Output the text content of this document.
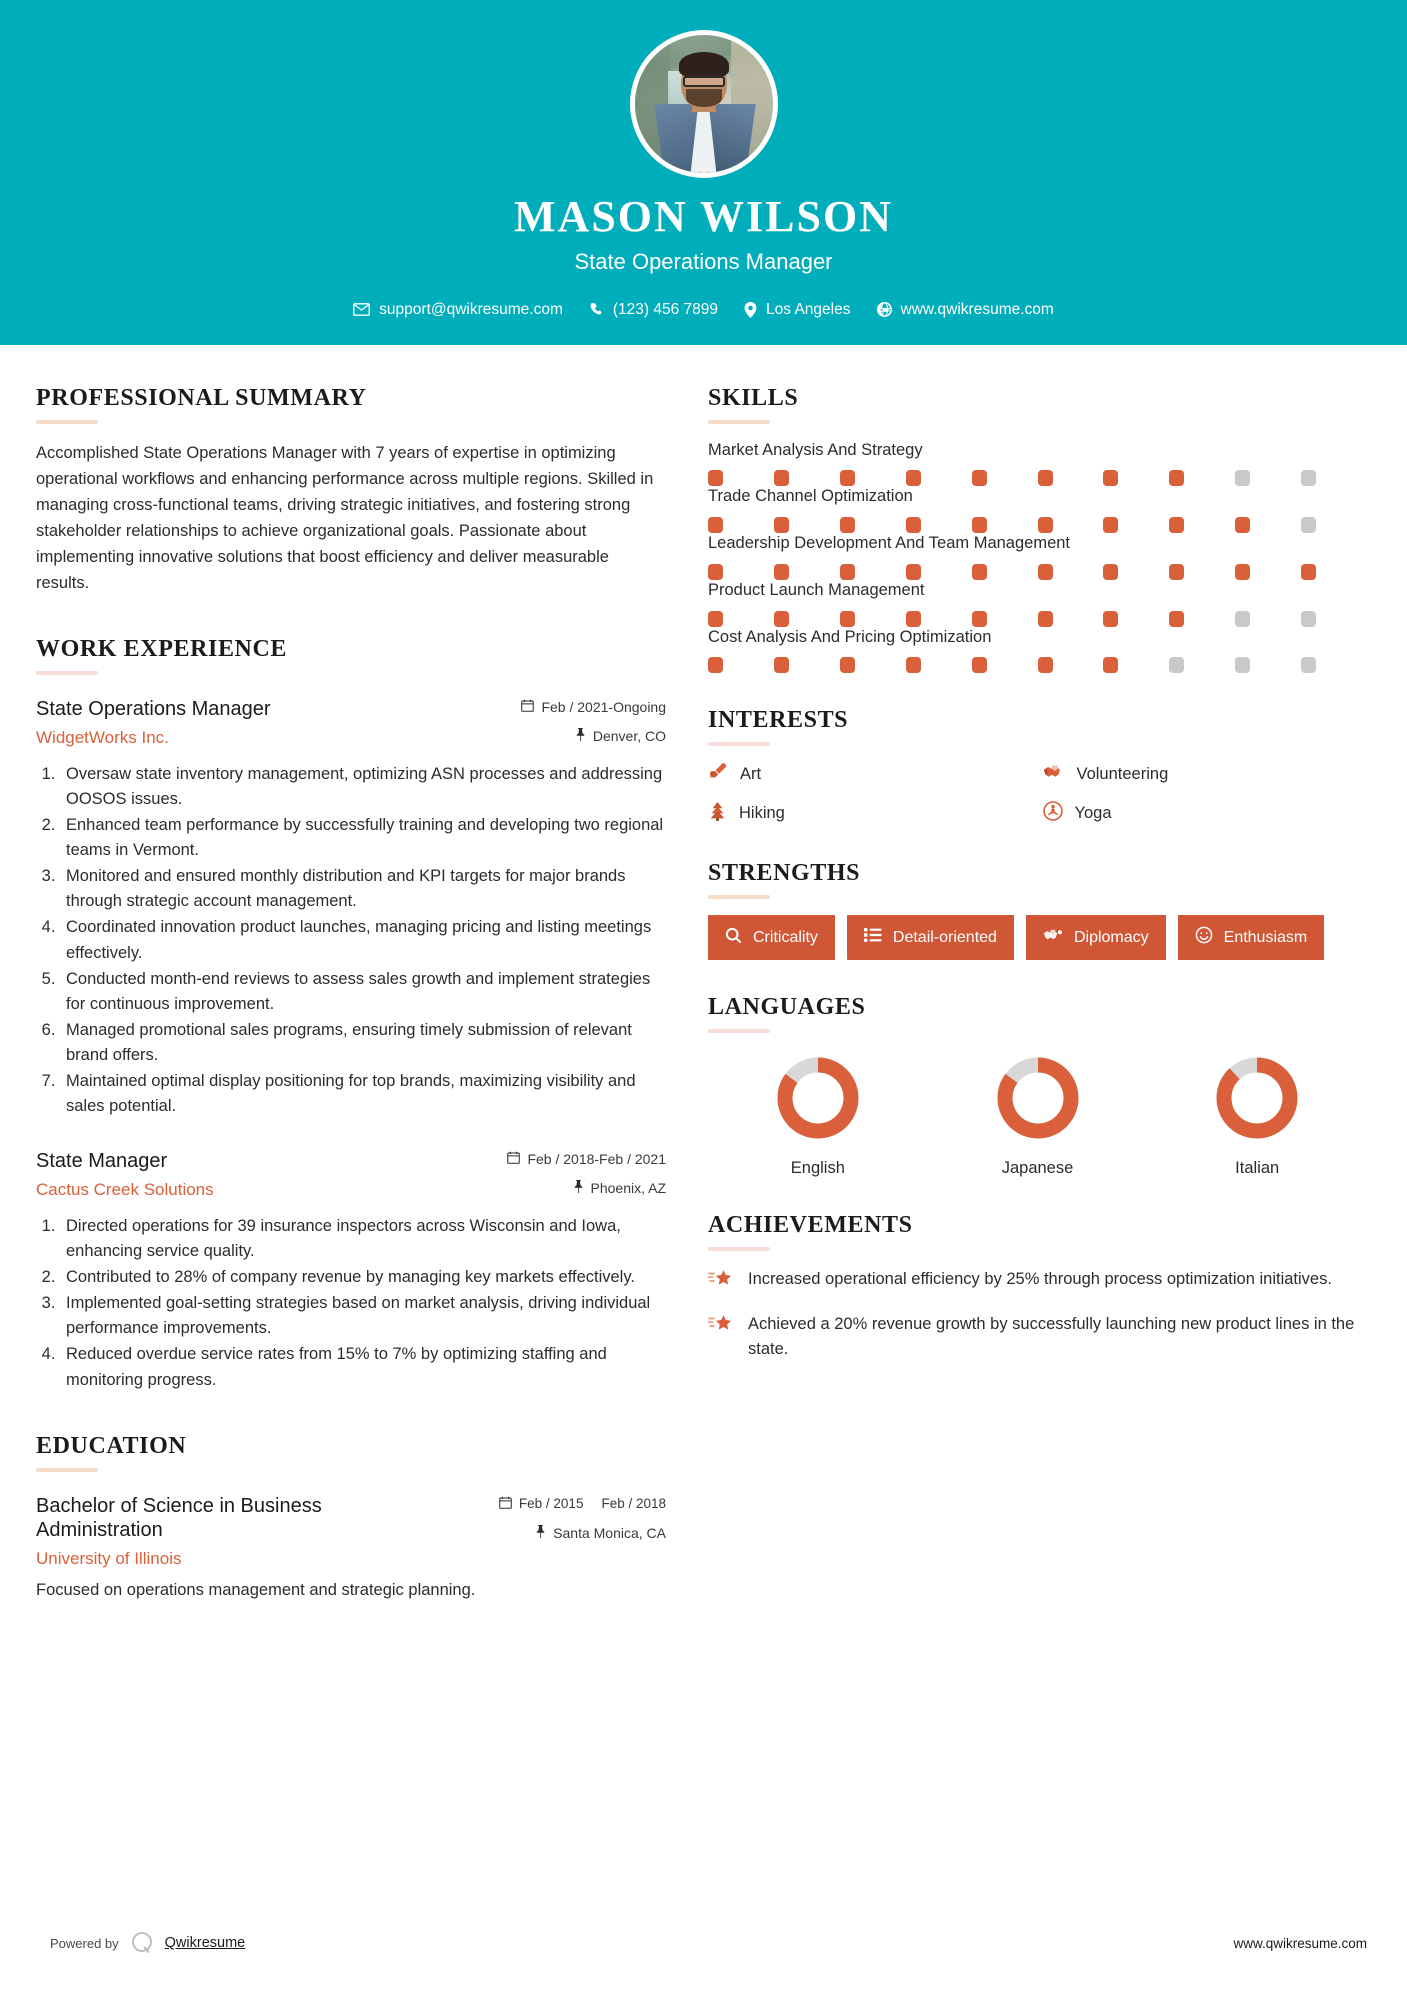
MASON WILSON
State Operations Manager
support@qwikresume.com	(123) 456 7899	Los Angeles	www.qwikresume.com
PROFESSIONAL SUMMARY

Accomplished State Operations Manager with 7 years of expertise in optimizing operational workflows and enhancing performance across multiple regions. Skilled in managing cross-functional teams, driving strategic initiatives, and fostering strong stakeholder relationships to achieve organizational goals. Passionate about implementing innovative solutions that boost efficiency and deliver measurable results.

WORK EXPERIENCE
State Operations Manager
WidgetWorks Inc.
Feb / 2021-Ongoing
Denver, CO
1. Oversaw state inventory management, optimizing ASN processes and addressing OOSOS issues.
2. Enhanced team performance by successfully training and developing two regional teams in Vermont.
3. Monitored and ensured monthly distribution and KPI targets for major brands through strategic account management.
4. Coordinated innovation product launches, managing pricing and listing meetings effectively.
5. Conducted month-end reviews to assess sales growth and implement strategies for continuous improvement.
6. Managed promotional sales programs, ensuring timely submission of relevant brand offers.
7. Maintained optimal display positioning for top brands, maximizing visibility and sales potential.
State Manager
Cactus Creek Solutions
Feb / 2018-Feb / 2021
Phoenix, AZ
1. Directed operations for 39 insurance inspectors across Wisconsin and Iowa, enhancing service quality.
2. Contributed to 28% of company revenue by managing key markets effectively.
3. Implemented goal-setting strategies based on market analysis, driving individual performance improvements.
4. Reduced overdue service rates from 15% to 7% by optimizing staffing and monitoring progress.
EDUCATION
Bachelor of Science in Business Administration
University of Illinois
Feb / 2015 Feb / 2018
Santa Monica, CA
Focused on operations management and strategic planning.
SKILLS
Market Analysis And Strategy
Trade Channel Optimization
Leadership Development And Team Management
Product Launch Management
Cost Analysis And Pricing Optimization
INTERESTS
Art	Volunteering
Hiking	Yoga
STRENGTHS
Criticality	Detail-oriented	Diplomacy	Enthusiasm
LANGUAGES
English	Japanese	Italian
ACHIEVEMENTS
Increased operational efficiency by 25% through process optimization initiatives.
Achieved a 20% revenue growth by successfully launching new product lines in the state.
Powered by	Qwikresume	www.qwikresume.com
